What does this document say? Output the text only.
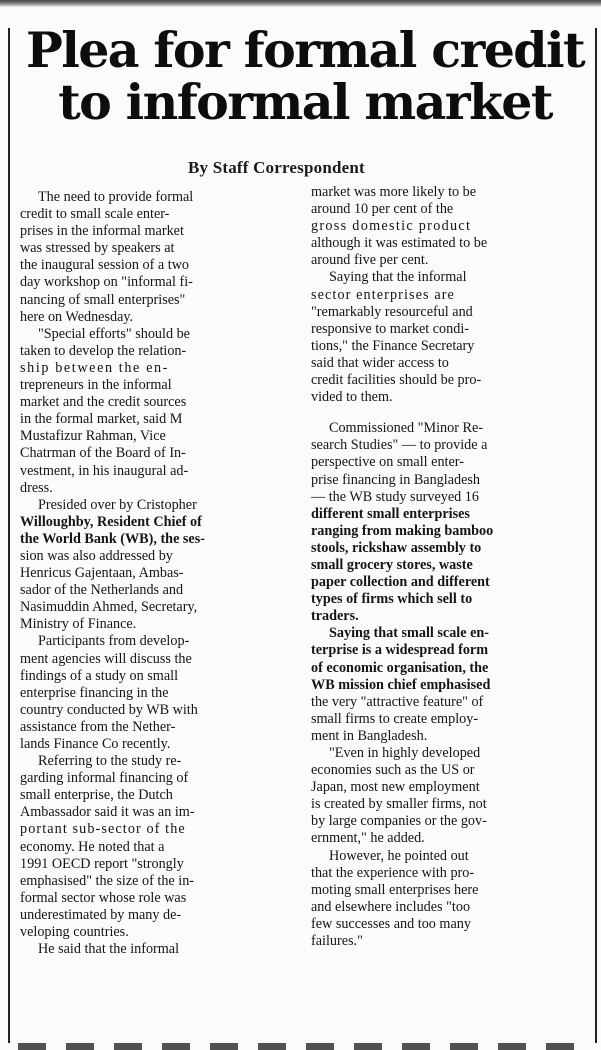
Plea for formal credit
to informal market
By Staff Correspondent
The need to provide formal
credit to small scale enter-
prises in the informal market
was stressed by speakers at
the inaugural session of a two
day workshop on "informal fi-
nancing of small enterprises"
here on Wednesday.
"Special efforts" should be
taken to develop the relation-
ship between the en-
trepreneurs in the informal
market and the credit sources
in the formal market, said M
Mustafizur Rahman, Vice
Chatrman of the Board of In-
vestment, in his inaugural ad-
dress.
Presided over by Cristopher
Willoughby, Resident Chief of
the World Bank (WB), the ses-
sion was also addressed by
Henricus Gajentaan, Ambas-
sador of the Netherlands and
Nasimuddin Ahmed, Secretary,
Ministry of Finance.
Participants from develop-
ment agencies will discuss the
findings of a study on small
enterprise financing in the
country conducted by WB with
assistance from the Nether-
lands Finance Co recently.
Referring to the study re-
garding informal financing of
small enterprise, the Dutch
Ambassador said it was an im-
portant sub-sector of the
economy. He noted that a
1991 OECD report "strongly
emphasised" the size of the in-
formal sector whose role was
underestimated by many de-
veloping countries.
He said that the informal
market was more likely to be
around 10 per cent of the
gross domestic product
although it was estimated to be
around five per cent.
Saying that the informal
sector enterprises are
"remarkably resourceful and
responsive to market condi-
tions," the Finance Secretary
said that wider access to
credit facilities should be pro-
vided to them.
Commissioned "Minor Re-
search Studies" — to provide a
perspective on small enter-
prise financing in Bangladesh
— the WB study surveyed 16
different small enterprises
ranging from making bamboo
stools, rickshaw assembly to
small grocery stores, waste
paper collection and different
types of firms which sell to
traders.
Saying that small scale en-
terprise is a widespread form
of economic organisation, the
WB mission chief emphasised
the very "attractive feature" of
small firms to create employ-
ment in Bangladesh.
"Even in highly developed
economies such as the US or
Japan, most new employment
is created by smaller firms, not
by large companies or the gov-
ernment," he added.
However, he pointed out
that the experience with pro-
moting small enterprises here
and elsewhere includes "too
few successes and too many
failures."
